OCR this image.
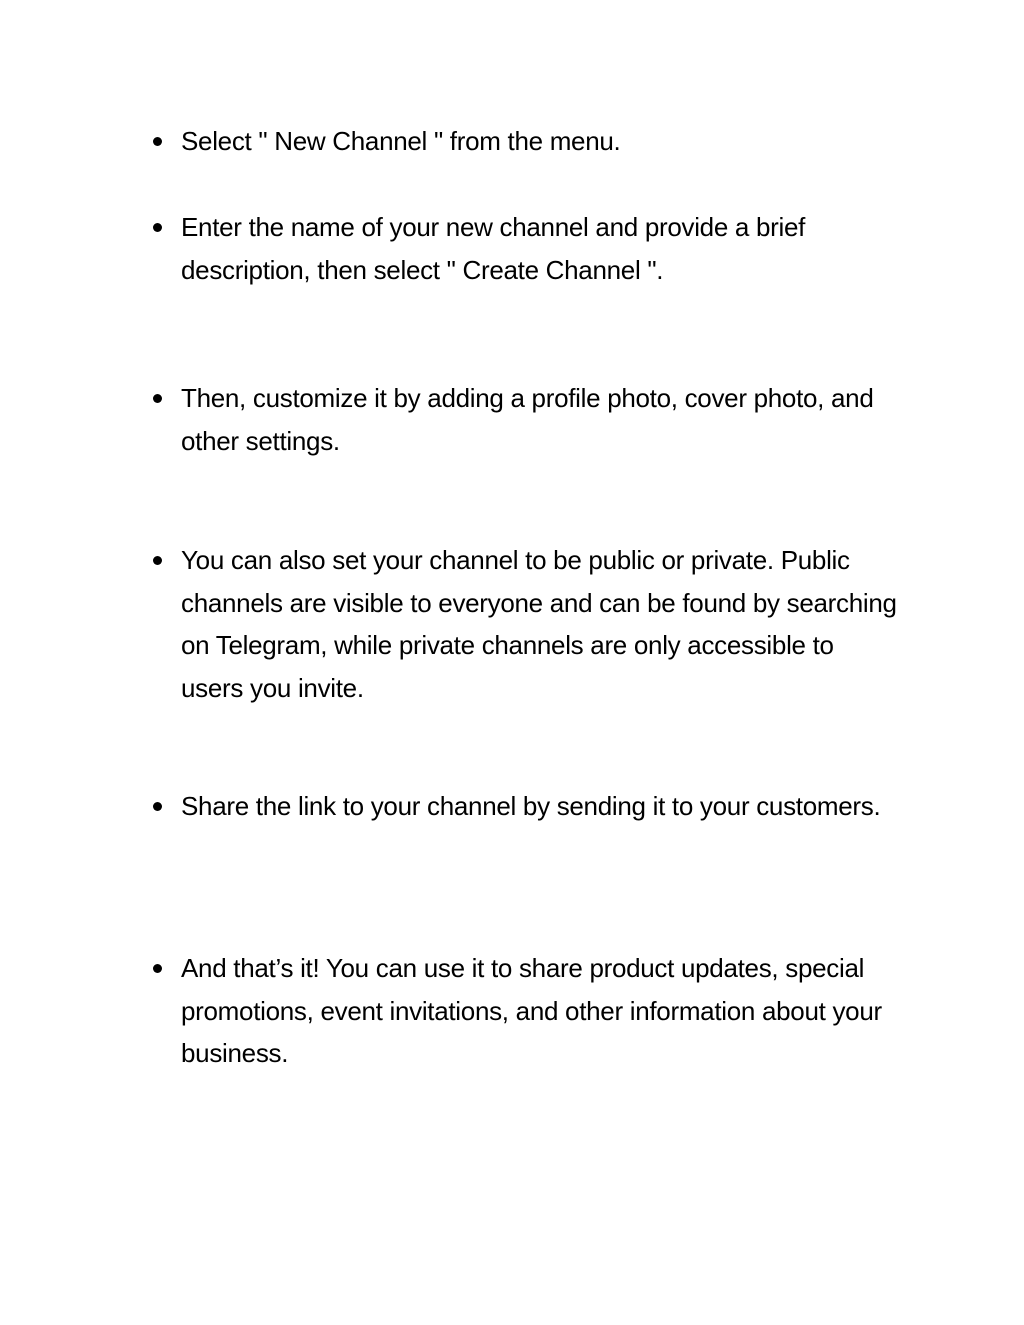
Select " New Channel " from the menu.
Enter the name of your new channel and provide a brief description, then select " Create Channel ".
Then, customize it by adding a profile photo, cover photo, and other settings.
You can also set your channel to be public or private. Public channels are visible to everyone and can be found by searching on Telegram, while private channels are only accessible to users you invite.
Share the link to your channel by sending it to your customers.
And that’s it! You can use it to share product updates, special promotions, event invitations, and other information about your business.
